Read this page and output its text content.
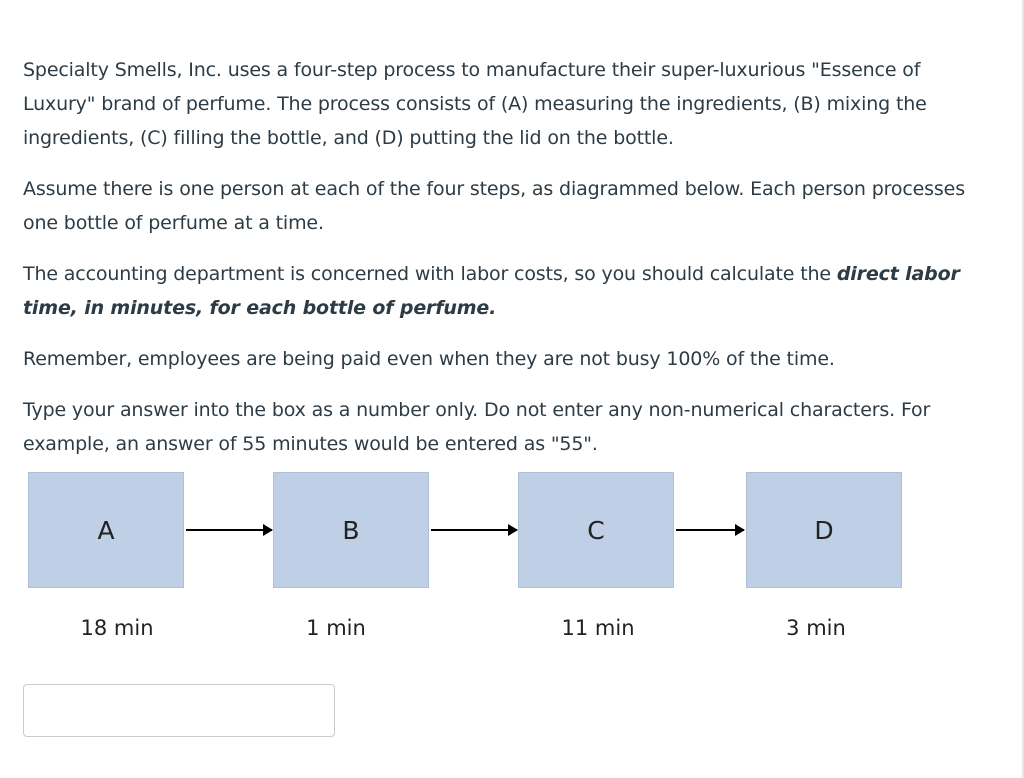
Specialty Smells, Inc. uses a four-step process to manufacture their super-luxurious "Essence of Luxury" brand of perfume. The process consists of (A) measuring the ingredients, (B) mixing the ingredients, (C) filling the bottle, and (D) putting the lid on the bottle.

Assume there is one person at each of the four steps, as diagrammed below. Each person processes one bottle of perfume at a time.

The accounting department is concerned with labor costs, so you should calculate the direct labor time, in minutes, for each bottle of perfume.

Remember, employees are being paid even when they are not busy 100% of the time.

Type your answer into the box as a number only. Do not enter any non-numerical characters. For example, an answer of 55 minutes would be entered as "55".

A	B	C	D
18 min	1 min	11 min	3 min
